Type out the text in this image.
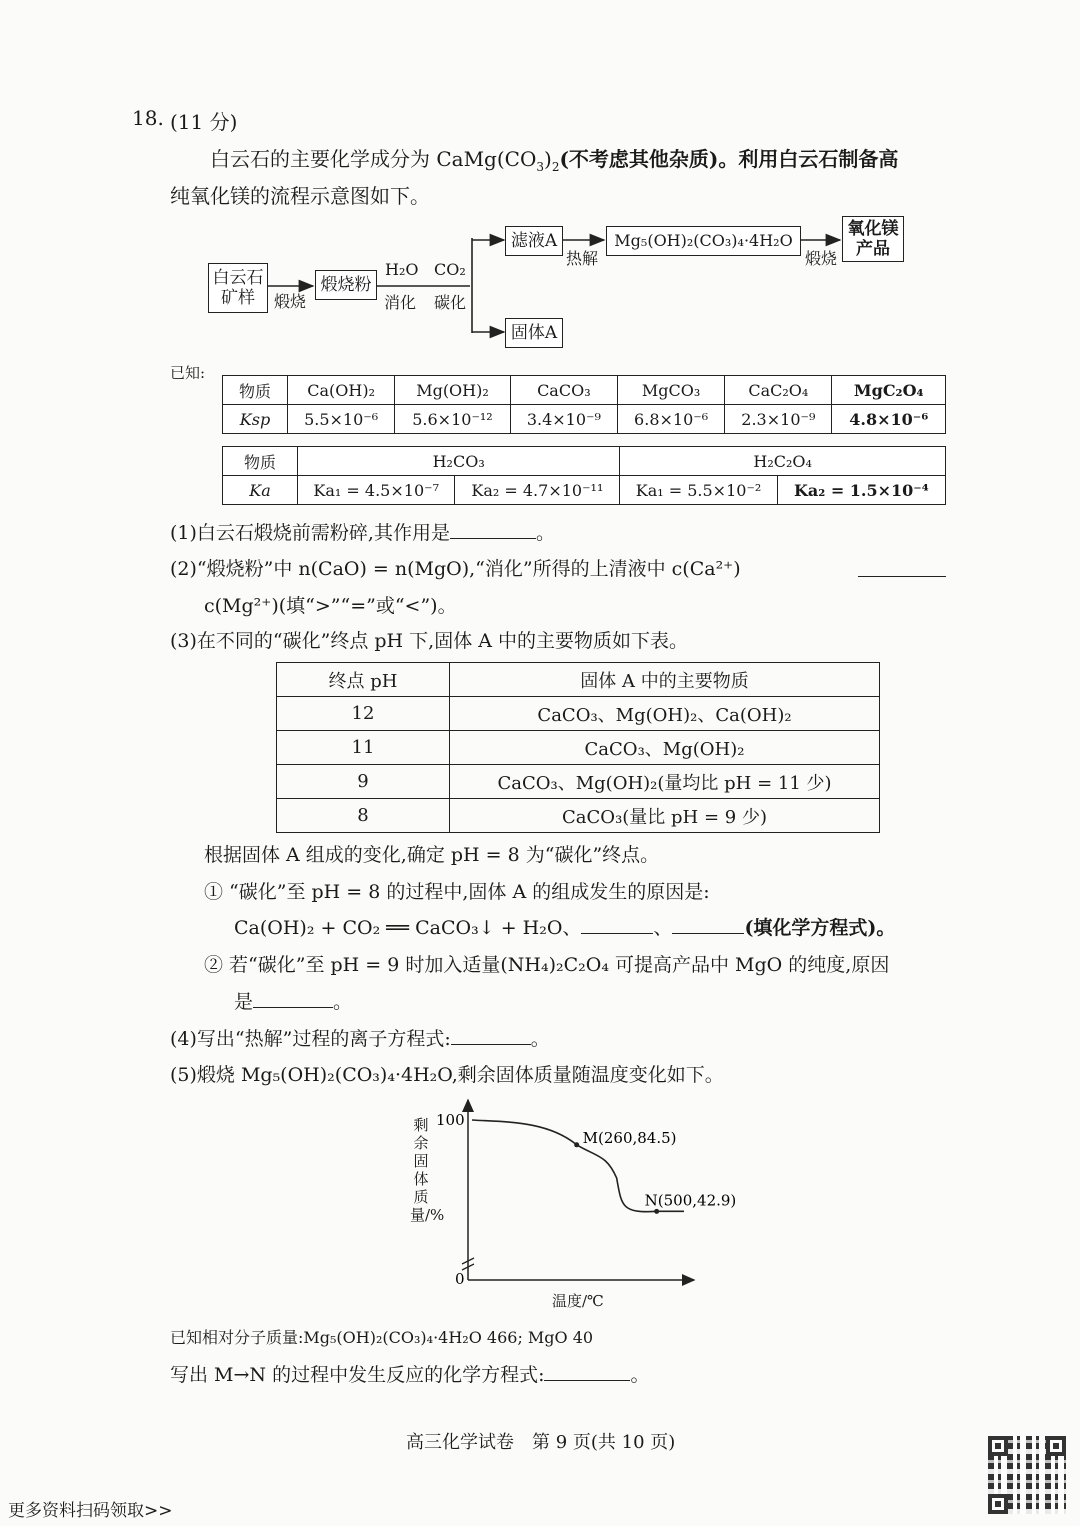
18. (11 分)
白云石的主要化学成分为 $CaMg(CO_3)_2$(不考虑其他杂质)。利用白云石制备高
纯氧化镁的流程示意图如下。
白云石
矿样 煅烧
煅烧粉
H₂O
消化
CO₂
碳化
滤液A
热解
Mg₅(OH)₂(CO₃)₄·4H₂O
煅烧
氧化镁
产品
固体A
已知:
物质	Ca(OH)₂	Mg(OH)₂	CaCO₃	MgCO₃	CaC₂O₄	MgC₂O₄
Ksp	5.5×10⁻⁶	5.6×10⁻¹²	3.4×10⁻⁹	6.8×10⁻⁶	2.3×10⁻⁹	4.8×10⁻⁶
物质	H₂CO₃		H₂C₂O₄	
Ka	Ka₁ = 4.5×10⁻⁷	Ka₂ = 4.7×10⁻¹¹	Ka₁ = 5.5×10⁻²	Ka₂ = 1.5×10⁻⁴
(1)白云石煅烧前需粉碎,其作用是	。
(2)“煅烧粉”中 n(CaO) = n(MgO),“消化”所得的上清液中 c(Ca²⁺)
c(Mg²⁺)(填“>”“=”或“<”)。
(3)在不同的“碳化”终点 pH 下,固体 A 中的主要物质如下表。
终点 pH	固体 A 中的主要物质
12	CaCO₃、Mg(OH)₂、Ca(OH)₂
11	CaCO₃、Mg(OH)₂
9	CaCO₃、Mg(OH)₂(量均比 pH = 11 少)
8	CaCO₃(量比 pH = 9 少)
根据固体 A 组成的变化,确定 pH = 8 为“碳化”终点。
① “碳化”至 pH = 8 的过程中,固体 A 的组成发生的原因是:
Ca(OH)₂ + CO₂ ══ CaCO₃↓ + H₂O、	、	(填化学方程式)。
② 若“碳化”至 pH = 9 时加入适量(NH₄)₂C₂O₄ 可提高产品中 MgO 的纯度,原因
是	。
(4)写出“热解”过程的离子方程式:	。
(5)煅烧 Mg₅(OH)₂(CO₃)₄·4H₂O,剩余固体质量随温度变化如下。
100
0
M(260,84.5)
N(500,42.9)
剩余固体质量/%
温度/℃
已知相对分子质量:Mg₅(OH)₂(CO₃)₄·4H₂O 466; MgO 40
写出 M→N 的过程中发生反应的化学方程式:	。
高三化学试卷　第 9 页(共 10 页)
更多资料扫码领取>>
